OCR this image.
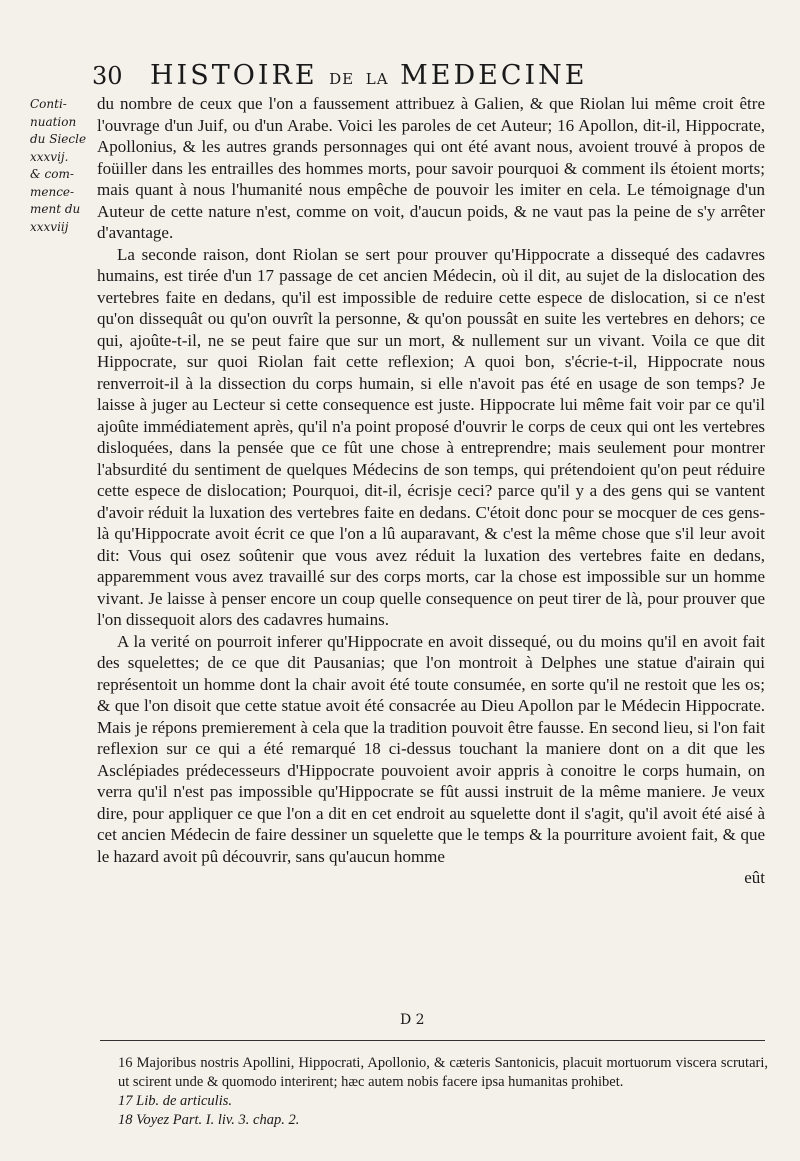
30	HISTOIRE DE LA MEDECINE
Conti-
nuation
du Siecle
xxxvij.
& com-
mence-
ment du
xxxviij

du nombre de ceux que l'on a faussement attribuez à Galien, & que Riolan lui même croit être l'ouvrage d'un Juif, ou d'un Arabe. Voici les paroles de cet Auteur; 16 Apollon, dit-il, Hippocrate, Apollonius, & les autres grands personnages qui ont été avant nous, avoient trouvé à propos de foüiller dans les entrailles des hommes morts, pour savoir pourquoi & comment ils étoient morts; mais quant à nous l'humanité nous empêche de pouvoir les imiter en cela. Le témoignage d'un Auteur de cette nature n'est, comme on voit, d'aucun poids, & ne vaut pas la peine de s'y arrêter d'avantage.

La seconde raison, dont Riolan se sert pour prouver qu'Hippocrate a dissequé des cadavres humains, est tirée d'un 17 passage de cet ancien Médecin, où il dit, au sujet de la dislocation des vertebres faite en dedans, qu'il est impossible de reduire cette espece de dislocation, si ce n'est qu'on dissequât ou qu'on ouvrît la personne, & qu'on poussât en suite les vertebres en dehors; ce qui, ajoûte-t-il, ne se peut faire que sur un mort, & nullement sur un vivant. Voila ce que dit Hippocrate, sur quoi Riolan fait cette reflexion; A quoi bon, s'écrie-t-il, Hippocrate nous renverroit-il à la dissection du corps humain, si elle n'avoit pas été en usage de son temps? Je laisse à juger au Lecteur si cette consequence est juste. Hippocrate lui même fait voir par ce qu'il ajoûte immédiatement après, qu'il n'a point proposé d'ouvrir le corps de ceux qui ont les vertebres disloquées, dans la pensée que ce fût une chose à entreprendre; mais seulement pour montrer l'absurdité du sentiment de quelques Médecins de son temps, qui prétendoient qu'on peut réduire cette espece de dislocation; Pourquoi, dit-il, écrisje ceci? parce qu'il y a des gens qui se vantent d'avoir réduit la luxation des vertebres faite en dedans. C'étoit donc pour se mocquer de ces gens-là qu'Hippocrate avoit écrit ce que l'on a lû auparavant, & c'est la même chose que s'il leur avoit dit: Vous qui osez soûtenir que vous avez réduit la luxation des vertebres faite en dedans, apparemment vous avez travaillé sur des corps morts, car la chose est impossible sur un homme vivant. Je laisse à penser encore un coup quelle consequence on peut tirer de là, pour prouver que l'on dissequoit alors des cadavres humains.

A la verité on pourroit inferer qu'Hippocrate en avoit dissequé, ou du moins qu'il en avoit fait des squelettes; de ce que dit Pausanias; que l'on montroit à Delphes une statue d'airain qui représentoit un homme dont la chair avoit été toute consumée, en sorte qu'il ne restoit que les os; & que l'on disoit que cette statue avoit été consacrée au Dieu Apollon par le Médecin Hippocrate. Mais je répons premierement à cela que la tradition pouvoit être fausse. En second lieu, si l'on fait reflexion sur ce qui a été remarqué 18 ci-dessus touchant la maniere dont on a dit que les Asclépiades prédecesseurs d'Hippocrate pouvoient avoir appris à conoitre le corps humain, on verra qu'il n'est pas impossible qu'Hippocrate se fût aussi instruit de la même maniere. Je veux dire, pour appliquer ce que l'on a dit en cet endroit au squelette dont il s'agit, qu'il avoit été aisé à cet ancien Médecin de faire dessiner un squelette que le temps & la pourriture avoient fait, & que le hazard avoit pû découvrir, sans qu'aucun homme

eût
D 2
16 Majoribus nostris Apollini, Hippocrati, Apollonio, & cæteris Santonicis, placuit mortuorum viscera scrutari, ut scirent unde & quomodo interirent; hæc autem nobis facere ipsa humanitas prohibet.
17 Lib. de articulis.
18 Voyez Part. I. liv. 3. chap. 2.
